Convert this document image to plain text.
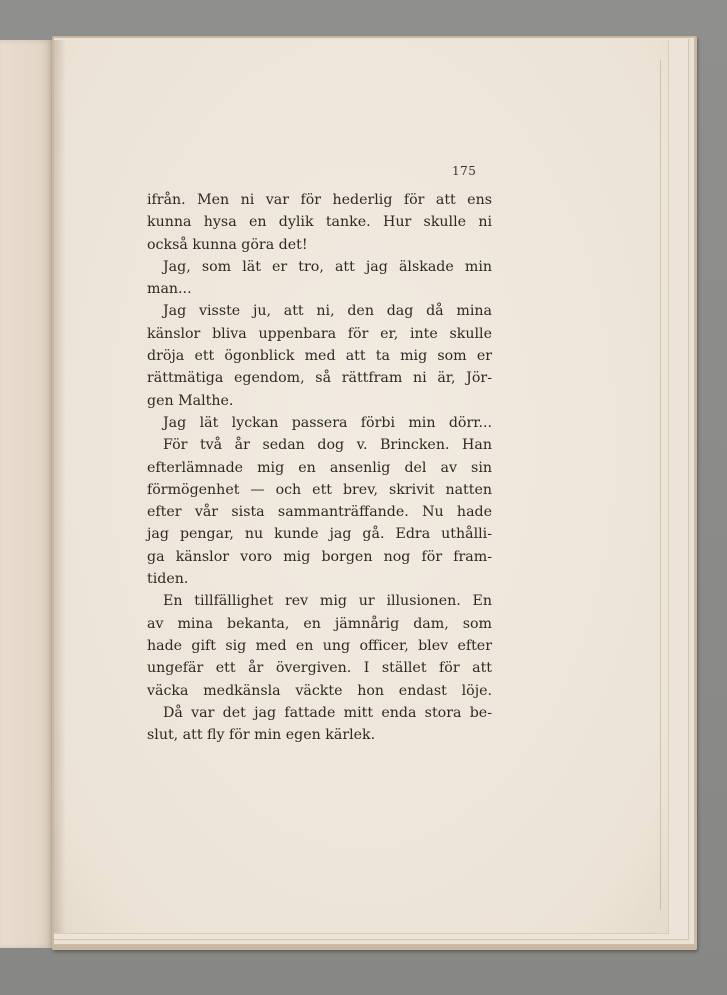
175
ifrån. Men ni var för hederlig för att ens
kunna hysa en dylik tanke. Hur skulle ni
också kunna göra det!
Jag, som lät er tro, att jag älskade min
man...
Jag visste ju, att ni, den dag då mina
känslor bliva uppenbara för er, inte skulle
dröja ett ögonblick med att ta mig som er
rättmätiga egendom, så rättfram ni är, Jör-
gen Malthe.
Jag lät lyckan passera förbi min dörr...
För två år sedan dog v. Brincken. Han
efterlämnade mig en ansenlig del av sin
förmögenhet — och ett brev, skrivit natten
efter vår sista sammanträffande. Nu hade
jag pengar, nu kunde jag gå. Edra uthålli-
ga känslor voro mig borgen nog för fram-
tiden.
En tillfällighet rev mig ur illusionen. En
av mina bekanta, en jämnårig dam, som
hade gift sig med en ung officer, blev efter
ungefär ett år övergiven. I stället för att
väcka medkänsla väckte hon endast löje.
Då var det jag fattade mitt enda stora be-
slut, att fly för min egen kärlek.
